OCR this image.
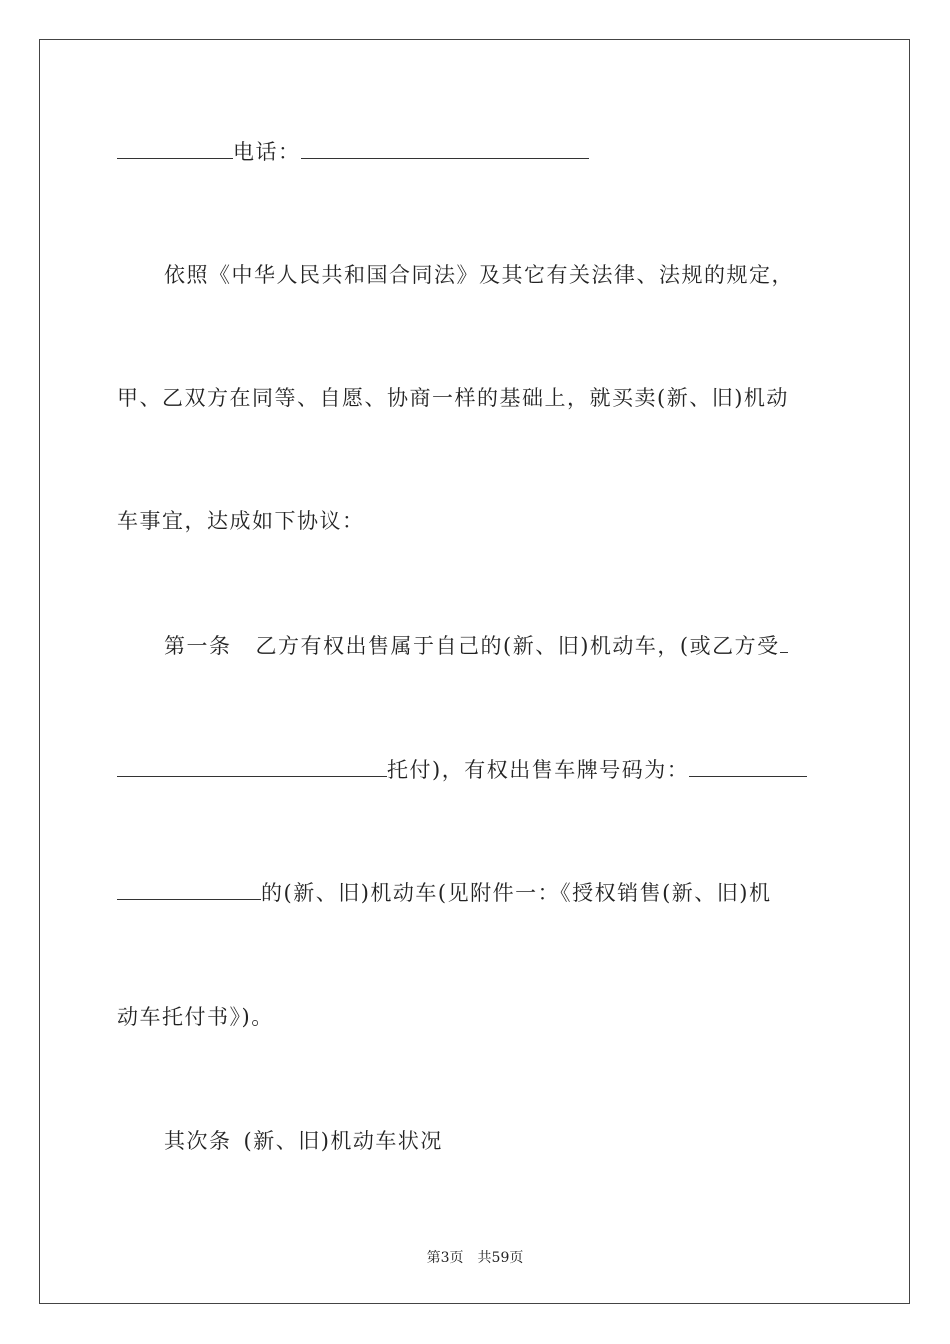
电话：
依照《中华人民共和国合同法》及其它有关法律、法规的规定，
甲、乙双方在同等、自愿、协商一样的基础上，就买卖(新、旧)机动
车事宜，达成如下协议：
第一条 乙方有权出售属于自己的(新、旧)机动车，(或乙方受
托付)，有权出售车牌号码为：
的(新、旧)机动车(见附件一：《授权销售(新、旧)机
动车托付书》)。
其次条 (新、旧)机动车状况
第3页 共59页
